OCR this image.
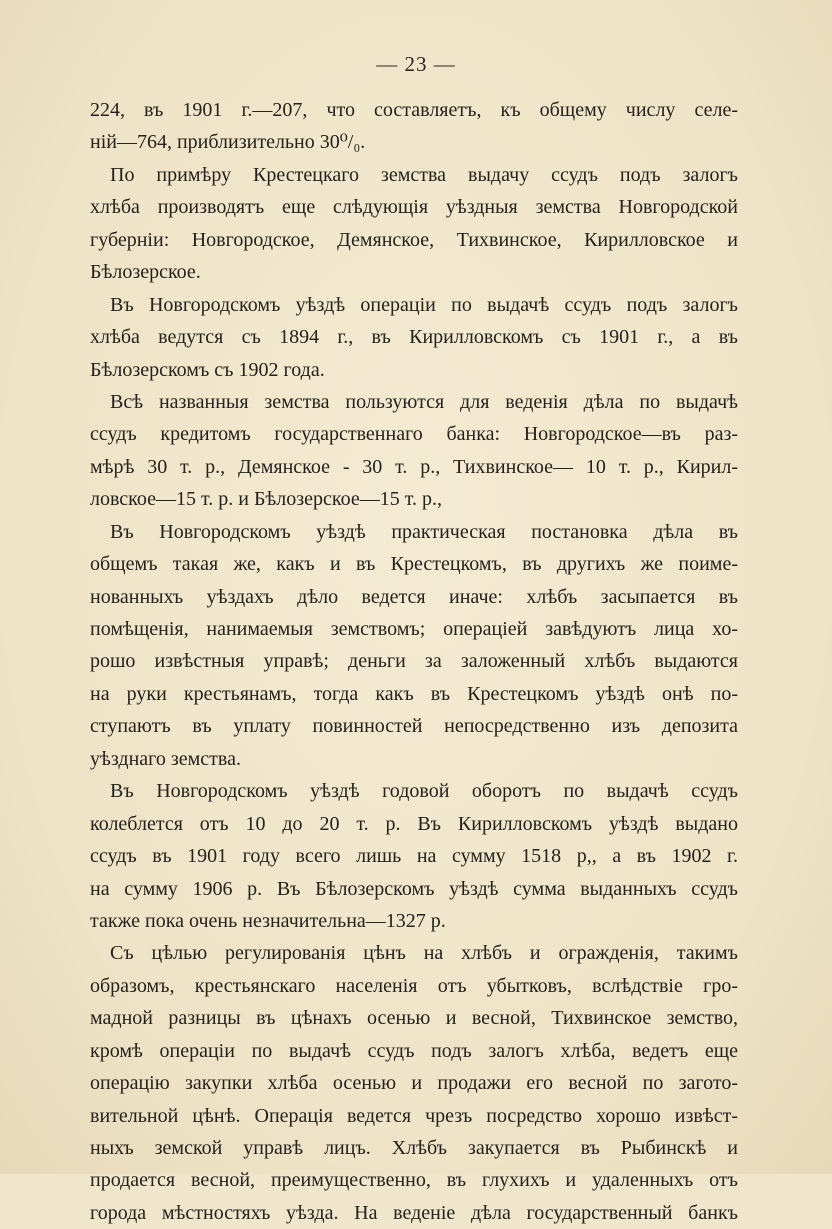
— 23 —
224, въ 1901 г.—207, что составляетъ, къ общему числу селе-
ній—764, приблизительно 30⁰/₀.
По примѣру Крестецкаго земства выдачу ссудъ подъ залогъ
хлѣба производятъ еще слѣдующія уѣздныя земства Новгородской
губерніи: Новгородское, Демянское, Тихвинское, Кирилловское и
Бѣлозерское.
Въ Новгородскомъ уѣздѣ операціи по выдачѣ ссудъ подъ залогъ
хлѣба ведутся съ 1894 г., въ Кирилловскомъ съ 1901 г., а въ
Бѣлозерскомъ съ 1902 года.
Всѣ названныя земства пользуются для веденія дѣла по выдачѣ
ссудъ кредитомъ государственнаго банка: Новгородское—въ раз-
мѣрѣ 30 т. р., Демянское - 30 т. р., Тихвинское— 10 т. р., Кирил-
ловское—15 т. р. и Бѣлозерское—15 т. р.,
Въ Новгородскомъ уѣздѣ практическая постановка дѣла въ
общемъ такая же, какъ и въ Крестецкомъ, въ другихъ же поиме-
нованныхъ уѣздахъ дѣло ведется иначе: хлѣбъ засыпается въ
помѣщенія, нанимаемыя земствомъ; операціей завѣдуютъ лица хо-
рошо извѣстныя управѣ; деньги за заложенный хлѣбъ выдаются
на руки крестьянамъ, тогда какъ въ Крестецкомъ уѣздѣ онѣ по-
ступаютъ въ уплату повинностей непосредственно изъ депозита
уѣзднаго земства.
Въ Новгородскомъ уѣздѣ годовой оборотъ по выдачѣ ссудъ
колеблется отъ 10 до 20 т. р. Въ Кирилловскомъ уѣздѣ выдано
ссудъ въ 1901 году всего лишь на сумму 1518 р,, а въ 1902 г.
на сумму 1906 р. Въ Бѣлозерскомъ уѣздѣ сумма выданныхъ ссудъ
также пока очень незначительна—1327 р.
Съ цѣлью регулированія цѣнъ на хлѣбъ и огражденія, такимъ
образомъ, крестьянскаго населенія отъ убытковъ, вслѣдствіе гро-
мадной разницы въ цѣнахъ осенью и весной, Тихвинское земство,
кромѣ операціи по выдачѣ ссудъ подъ залогъ хлѣба, ведетъ еще
операцію закупки хлѣба осенью и продажи его весной по загото-
вительной цѣнѣ. Операція ведется чрезъ посредство хорошо извѣст-
ныхъ земской управѣ лицъ. Хлѣбъ закупается въ Рыбинскѣ и
продается весной, преимущественно, въ глухихъ и удаленныхъ отъ
города мѣстностяхъ уѣзда. На веденіе дѣла государственный банкъ
